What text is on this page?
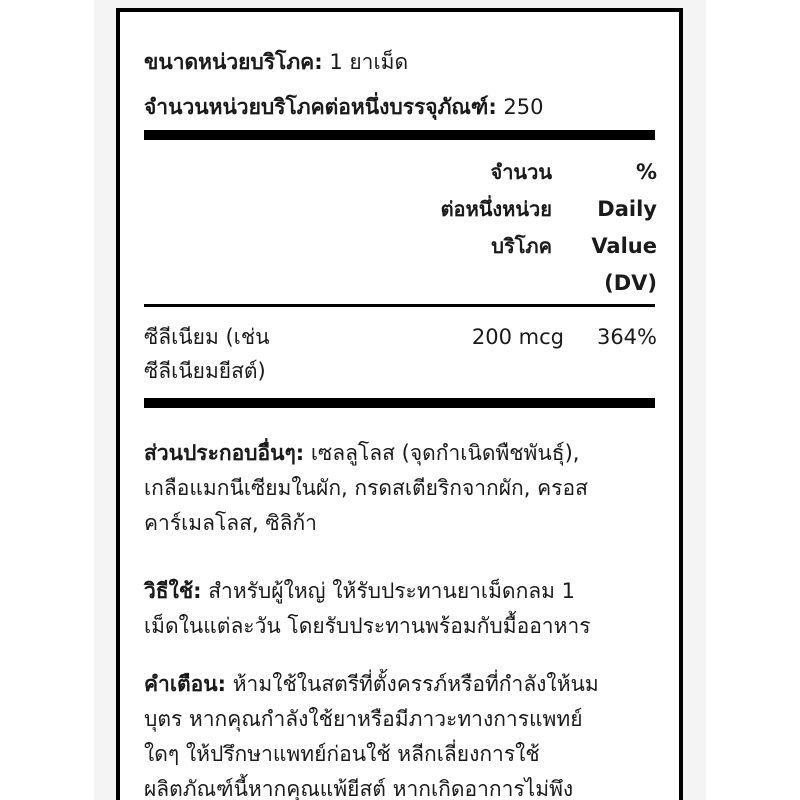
ขนาดหน่วยบริโภค: 1 ยาเม็ด
จำนวนหน่วยบริโภคต่อหนึ่งบรรจุภัณฑ์: 250
จำนวน
ต่อหนึ่งหน่วย
บริโภค
%
Daily
Value
(DV)
ซีลีเนียม (เช่น
ซีลีเนียมยีสต์)
200 mcg	364%
ส่วนประกอบอื่นๆ: เซลลูโลส (จุดกำเนิดพืชพันธุ์),
เกลือแมกนีเซียมในผัก, กรดสเตียริกจากผัก, ครอส
คาร์เมลโลส, ซิลิก้า
วิธีใช้: สำหรับผู้ใหญ่ ให้รับประทานยาเม็ดกลม 1
เม็ดในแต่ละวัน โดยรับประทานพร้อมกับมื้ออาหาร
คำเตือน: ห้ามใช้ในสตรีที่ตั้งครรภ์หรือที่กำลังให้นม
บุตร หากคุณกำลังใช้ยาหรือมีภาวะทางการแพทย์
ใดๆ ให้ปรึกษาแพทย์ก่อนใช้ หลีกเลี่ยงการใช้
ผลิตภัณฑ์นี้หากคุณแพ้ยีสต์ หากเกิดอาการไม่พึง
